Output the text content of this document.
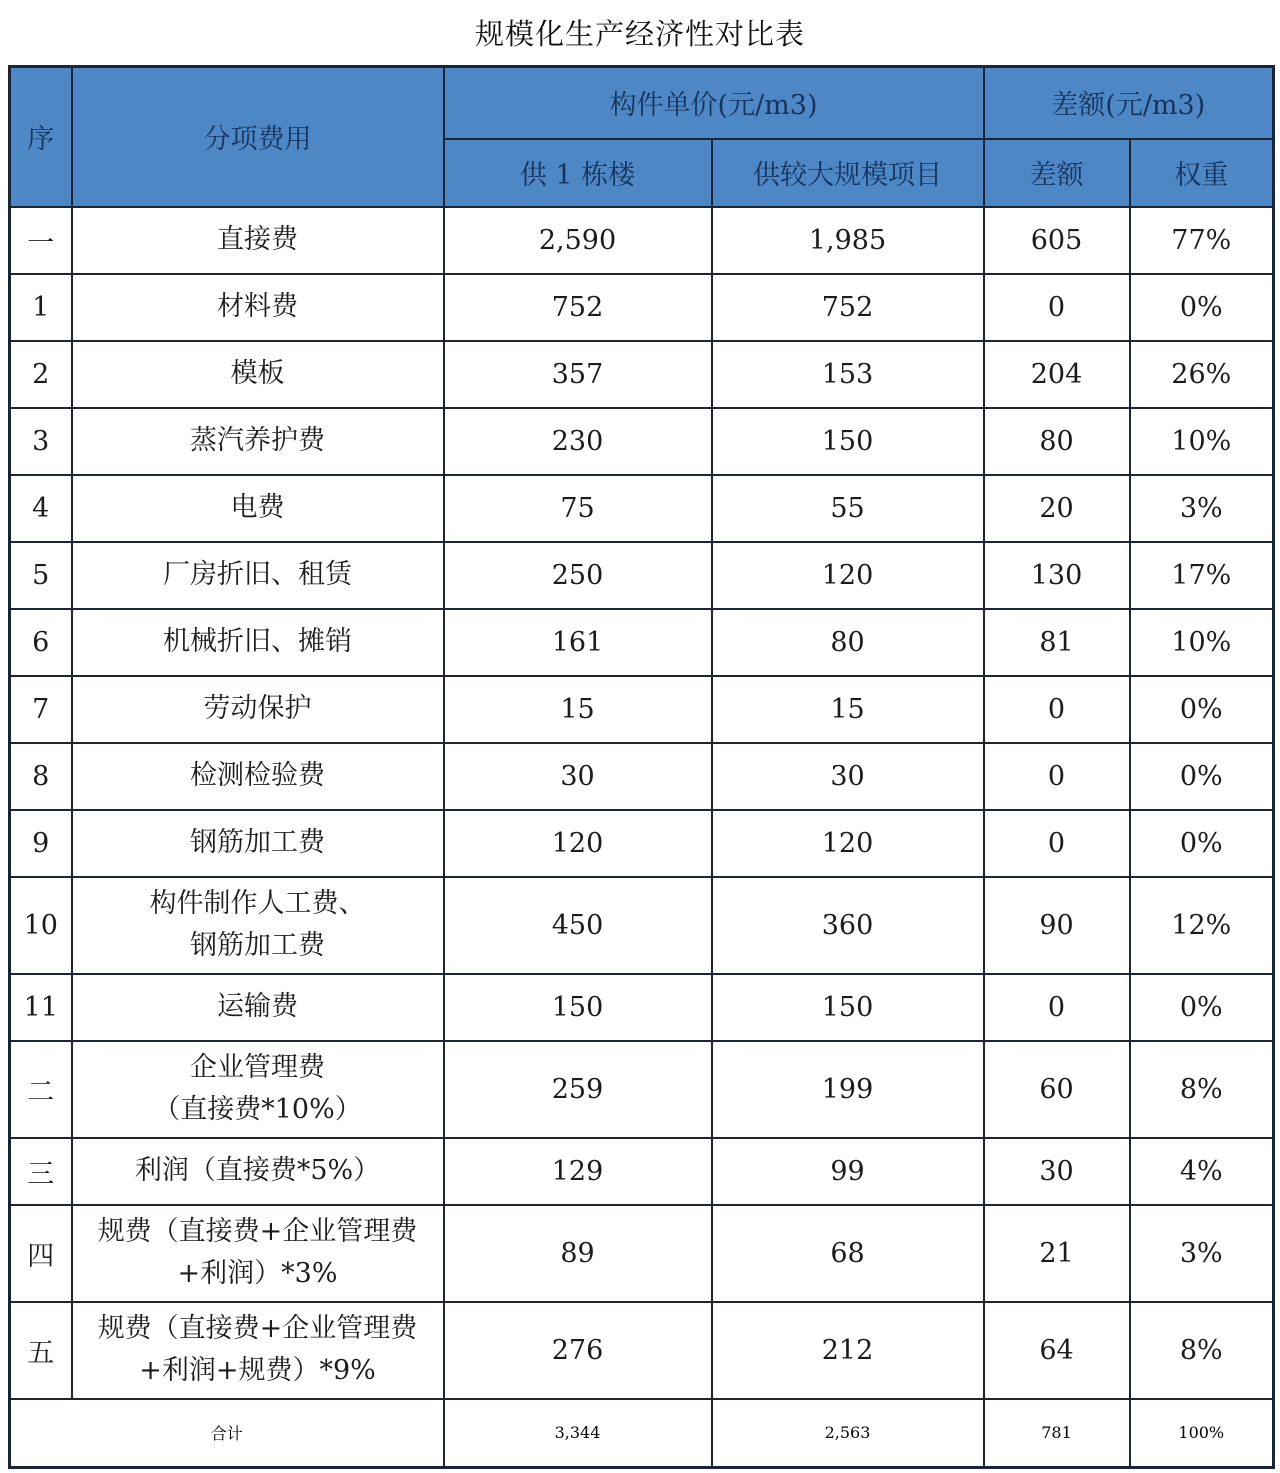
规模化生产经济性对比表
序	分项费用	构件单价(元/m3)		差额(元/m3)	
		供 1 栋楼	供较大规模项目	差额	权重
一	直接费	2,590	1,985	605	77%
1	材料费	752	752	0	0%
2	模板	357	153	204	26%
3	蒸汽养护费	230	150	80	10%
4	电费	75	55	20	3%
5	厂房折旧、租赁	250	120	130	17%
6	机械折旧、摊销	161	80	81	10%
7	劳动保护	15	15	0	0%
8	检测检验费	30	30	0	0%
9	钢筋加工费	120	120	0	0%
10	构件制作人工费、
钢筋加工费	450	360	90	12%
11	运输费	150	150	0	0%
二	企业管理费
（直接费*10%）	259	199	60	8%
三	利润（直接费*5%）	129	99	30	4%
四	规费（直接费+企业管理费
+利润）*3%	89	68	21	3%
五	规费（直接费+企业管理费
+利润+规费）*9%	276	212	64	8%
合计		3,344	2,563	781	100%
